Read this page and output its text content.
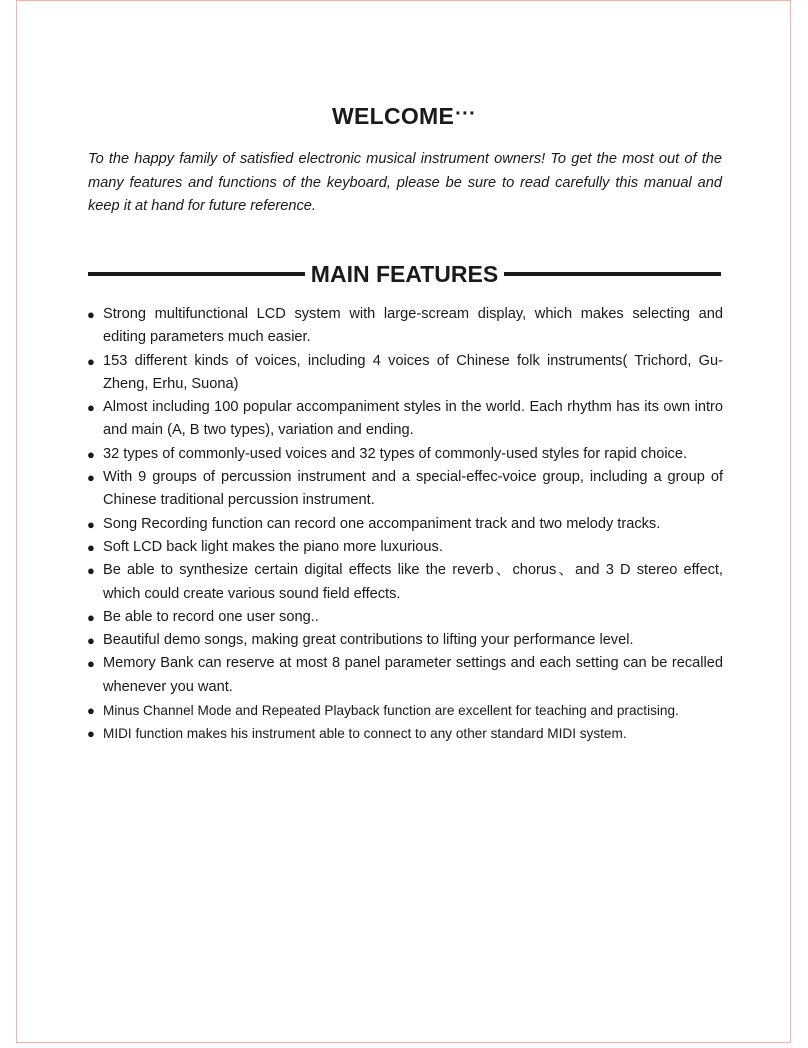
WELCOME···

To the happy family of satisfied electronic musical instrument owners! To get the most out of the many features and functions of the keyboard, please be sure to read carefully this manual and keep it at hand for future reference.

MAIN FEATURES
● Strong multifunctional LCD system with large-scream display, which makes selecting and editing parameters much easier.
● 153 different kinds of voices, including 4 voices of Chinese folk instruments( Trichord, Gu-Zheng, Erhu, Suona)
● Almost including 100 popular accompaniment styles in the world. Each rhythm has its own intro and main (A, B two types), variation and ending.
● 32 types of commonly-used voices and 32 types of commonly-used styles for rapid choice.
● With 9 groups of percussion instrument and a special-effec-voice group, including a group of Chinese traditional percussion instrument.
● Song Recording function can record one accompaniment track and two melody tracks.
● Soft LCD back light makes the piano more luxurious.
● Be able to synthesize certain digital effects like the reverb、chorus、and 3 D stereo effect, which could create various sound field effects.
● Be able to record one user song..
● Beautiful demo songs, making great contributions to lifting your performance level.
● Memory Bank can reserve at most 8 panel parameter settings and each setting can be recalled whenever you want.
● Minus Channel Mode and Repeated Playback function are excellent for teaching and practising.
● MIDI function makes his instrument able to connect to any other standard MIDI system.
